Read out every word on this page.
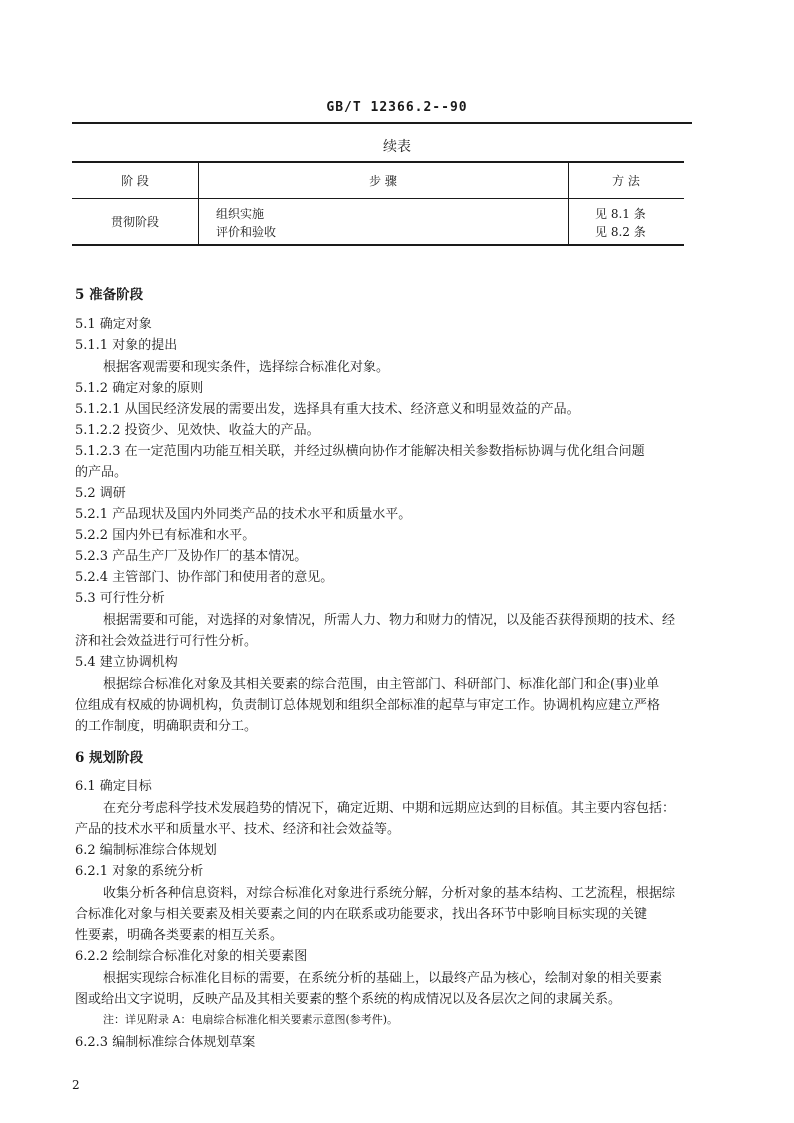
GB/T 12366.2--90
续表
阶 段	步 骤	方 法
贯彻阶段
组织实施
评价和验收
见 8.1 条
见 8.2 条
5 准备阶段
5.1 确定对象
5.1.1 对象的提出
根据客观需要和现实条件，选择综合标准化对象。
5.1.2 确定对象的原则
5.1.2.1 从国民经济发展的需要出发，选择具有重大技术、经济意义和明显效益的产品。
5.1.2.2 投资少、见效快、收益大的产品。
5.1.2.3 在一定范围内功能互相关联，并经过纵横向协作才能解决相关参数指标协调与优化组合问题
的产品。
5.2 调研
5.2.1 产品现状及国内外同类产品的技术水平和质量水平。
5.2.2 国内外已有标准和水平。
5.2.3 产品生产厂及协作厂的基本情况。
5.2.4 主管部门、协作部门和使用者的意见。
5.3 可行性分析
根据需要和可能，对选择的对象情况，所需人力、物力和财力的情况，以及能否获得预期的技术、经
济和社会效益进行可行性分析。
5.4 建立协调机构
根据综合标准化对象及其相关要素的综合范围，由主管部门、科研部门、标准化部门和企(事)业单
位组成有权威的协调机构，负责制订总体规划和组织全部标准的起草与审定工作。协调机构应建立严格
的工作制度，明确职责和分工。
6 规划阶段
6.1 确定目标
在充分考虑科学技术发展趋势的情况下，确定近期、中期和远期应达到的目标值。其主要内容包括：
产品的技术水平和质量水平、技术、经济和社会效益等。
6.2 编制标准综合体规划
6.2.1 对象的系统分析
收集分析各种信息资料，对综合标准化对象进行系统分解，分析对象的基本结构、工艺流程，根据综
合标准化对象与相关要素及相关要素之间的内在联系或功能要求，找出各环节中影响目标实现的关键
性要素，明确各类要素的相互关系。
6.2.2 绘制综合标准化对象的相关要素图
根据实现综合标准化目标的需要，在系统分析的基础上，以最终产品为核心，绘制对象的相关要素
图或给出文字说明，反映产品及其相关要素的整个系统的构成情况以及各层次之间的隶属关系。
注：详见附录 A：电扇综合标准化相关要素示意图(参考件)。
6.2.3 编制标准综合体规划草案
2
